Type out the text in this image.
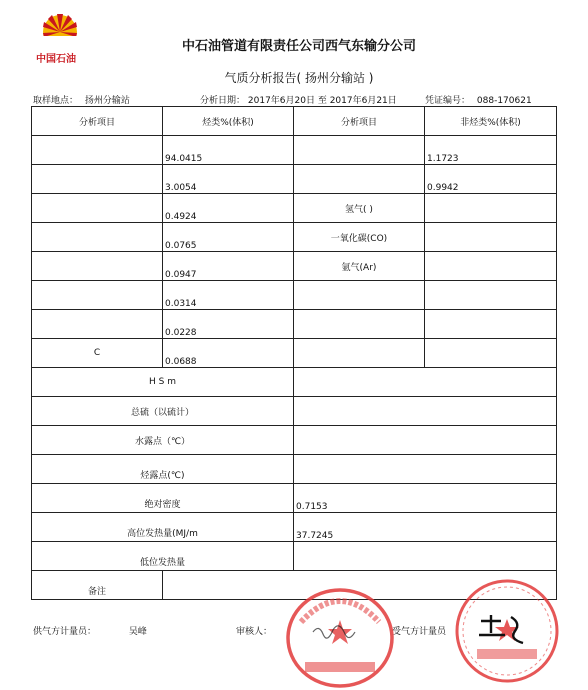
中国石油
中石油管道有限责任公司西气东输分公司
气质分析报告( 扬州分输站 )
取样地点： 扬州分输站	分析日期： 2017年6月20日 至 2017年6月21日	凭证编号： 088-170621
分析项目	烃类%(体积)	分析项目	非烃类%(体积)
	94.0415		1.1723
	3.0054		0.9942
	0.4924	氢气( )	
	0.0765	一氧化碳(CO)	
	0.0947	氩气(Ar)	
	0.0314		
	0.0228		
C	0.0688		
H S m			
总硫（以硫计）			
水露点（℃）			
烃露点(℃)			
绝对密度		0.7153	
高位发热量(MJ/m		37.7245	
低位发热量			
备注			
供气方计量员：	吴峰	审核人：	受气方计量员
